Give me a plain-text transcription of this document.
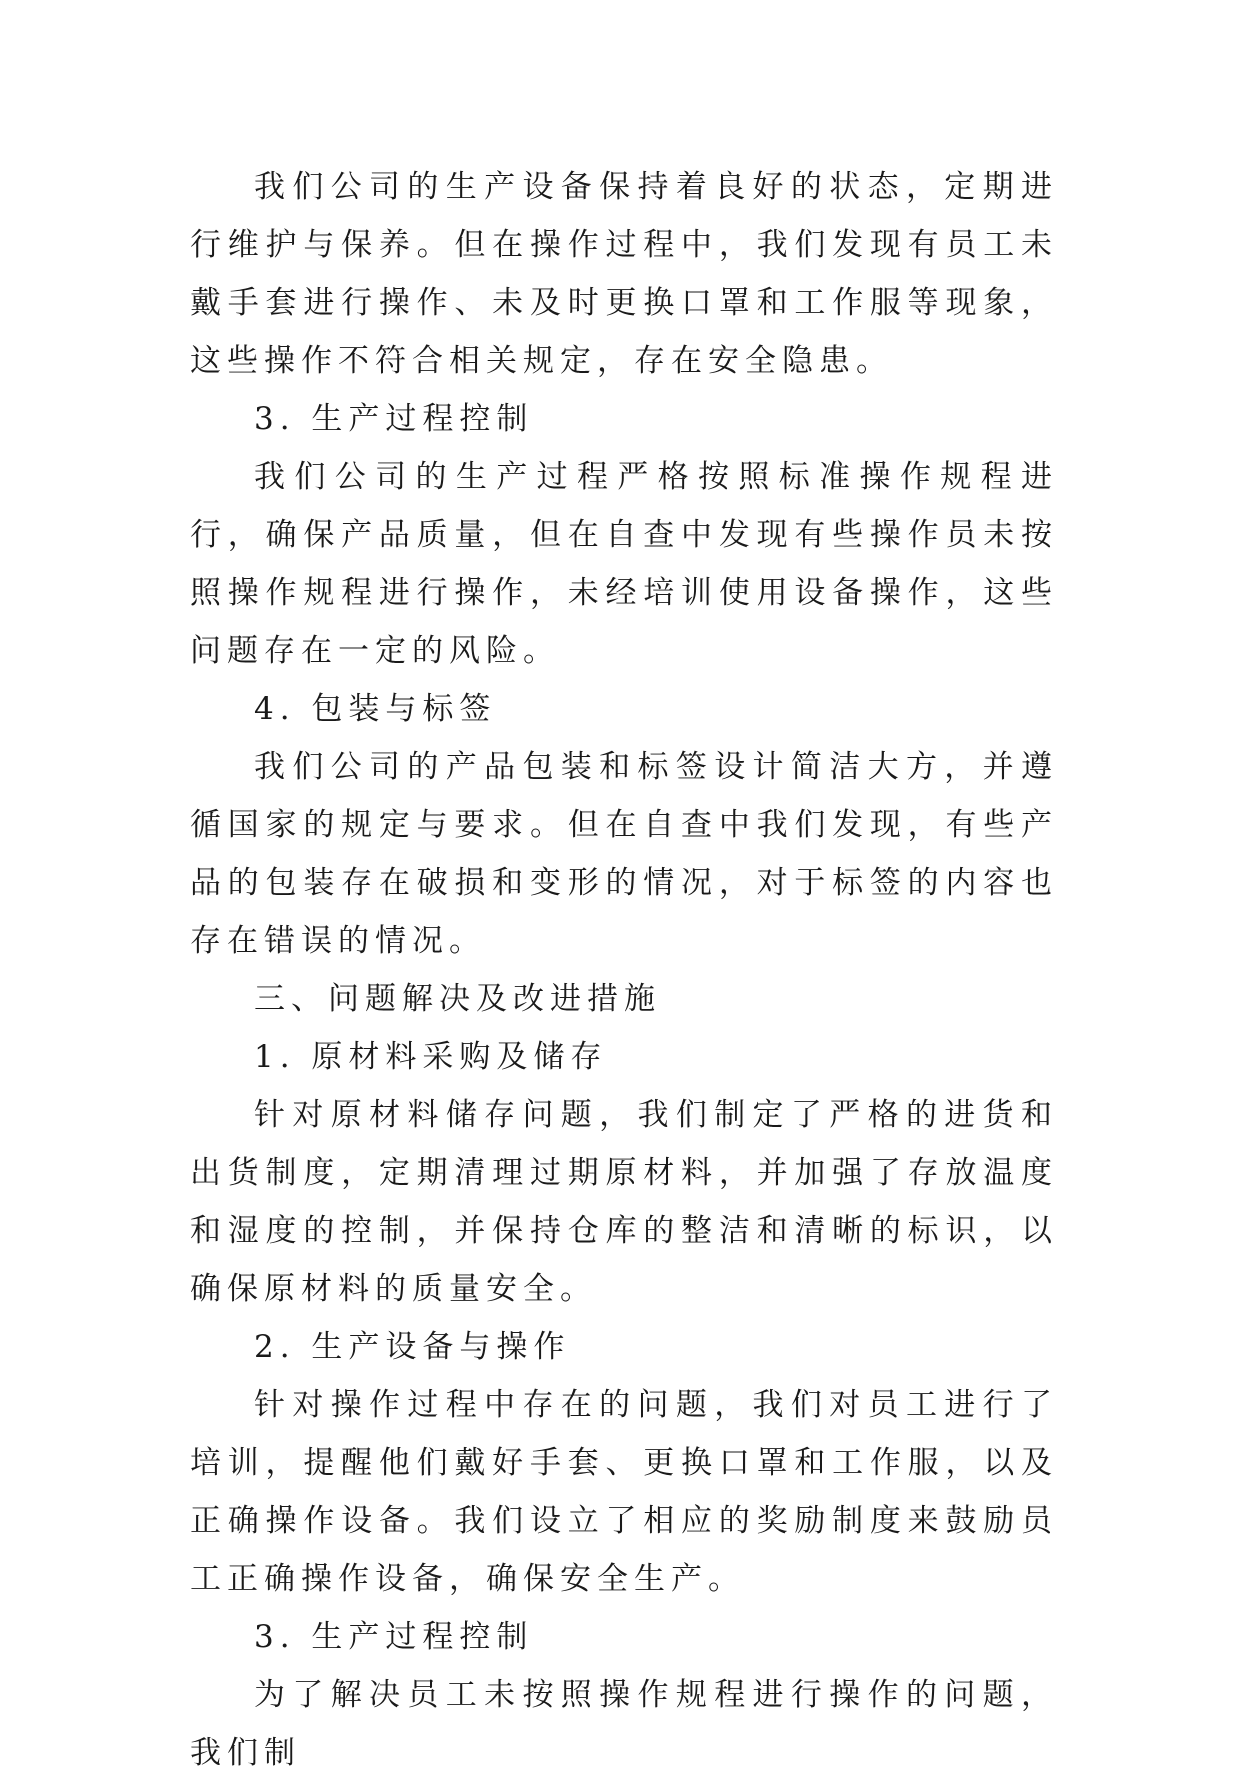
我们公司的生产设备保持着良好的状态，定期进行维护与保养。但在操作过程中，我们发现有员工未戴手套进行操作、未及时更换口罩和工作服等现象，这些操作不符合相关规定，存在安全隐患。

3. 生产过程控制

我们公司的生产过程严格按照标准操作规程进行，确保产品质量，但在自查中发现有些操作员未按照操作规程进行操作，未经培训使用设备操作，这些问题存在一定的风险。

4. 包装与标签

我们公司的产品包装和标签设计简洁大方，并遵循国家的规定与要求。但在自查中我们发现，有些产品的包装存在破损和变形的情况，对于标签的内容也存在错误的情况。

三、问题解决及改进措施

1. 原材料采购及储存

针对原材料储存问题，我们制定了严格的进货和出货制度，定期清理过期原材料，并加强了存放温度和湿度的控制，并保持仓库的整洁和清晰的标识，以确保原材料的质量安全。

2. 生产设备与操作

针对操作过程中存在的问题，我们对员工进行了培训，提醒他们戴好手套、更换口罩和工作服，以及正确操作设备。我们设立了相应的奖励制度来鼓励员工正确操作设备，确保安全生产。

3. 生产过程控制

为了解决员工未按照操作规程进行操作的问题，我们制
